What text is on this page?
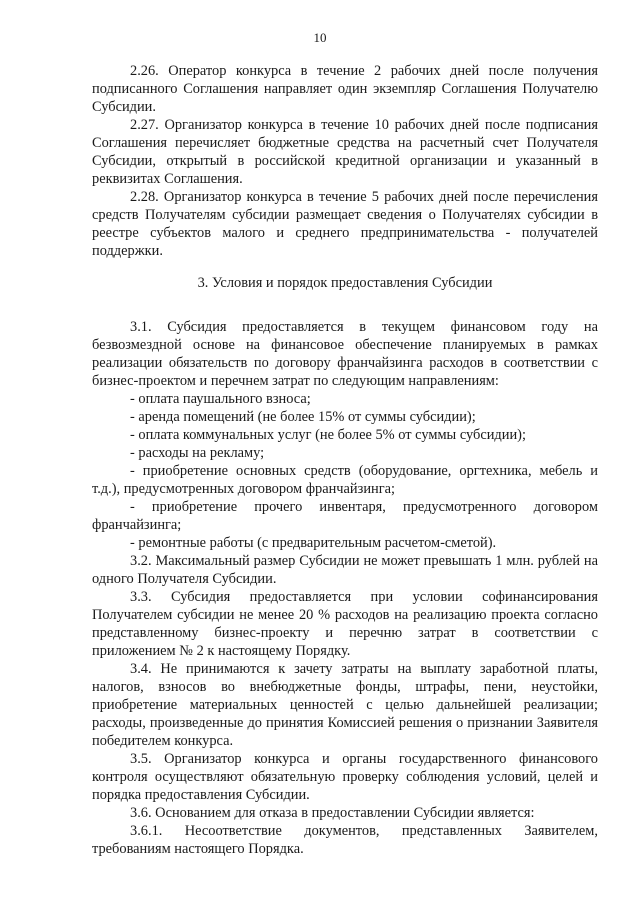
10

2.26. Оператор конкурса в течение 2 рабочих дней после получения подписанного Соглашения направляет один экземпляр Соглашения Получателю Субсидии.

2.27. Организатор конкурса в течение 10 рабочих дней после подписания Соглашения перечисляет бюджетные средства на расчетный счет Получателя Субсидии, открытый в российской кредитной организации и указанный в реквизитах Соглашения.

2.28. Организатор конкурса в течение 5 рабочих дней после перечисления средств Получателям субсидии размещает сведения о Получателях субсидии в реестре субъектов малого и среднего предпринимательства - получателей поддержки.

3. Условия и порядок предоставления Субсидии

3.1. Субсидия предоставляется в текущем финансовом году на безвозмездной основе на финансовое обеспечение планируемых в рамках реализации обязательств по договору франчайзинга расходов в соответствии с бизнес-проектом и перечнем затрат по следующим направлениям:

- оплата паушального взноса;

- аренда помещений (не более 15% от суммы субсидии);

- оплата коммунальных услуг (не более 5% от суммы субсидии);

- расходы на рекламу;

- приобретение основных средств (оборудование, оргтехника, мебель и т.д.), предусмотренных договором франчайзинга;

- приобретение прочего инвентаря, предусмотренного договором франчайзинга;

- ремонтные работы (с предварительным расчетом-сметой).

3.2. Максимальный размер Субсидии не может превышать 1 млн. рублей на одного Получателя Субсидии.

3.3. Субсидия предоставляется при условии софинансирования Получателем субсидии не менее 20 % расходов на реализацию проекта согласно представленному бизнес-проекту и перечню затрат в соответствии с приложением № 2 к настоящему Порядку.

3.4. Не принимаются к зачету затраты на выплату заработной платы, налогов, взносов во внебюджетные фонды, штрафы, пени, неустойки, приобретение материальных ценностей с целью дальнейшей реализации; расходы, произведенные до принятия Комиссией решения о признании Заявителя победителем конкурса.

3.5. Организатор конкурса и органы государственного финансового контроля осуществляют обязательную проверку соблюдения условий, целей и порядка предоставления Субсидии.

3.6. Основанием для отказа в предоставлении Субсидии является:

3.6.1. Несоответствие документов, представленных Заявителем, требованиям настоящего Порядка.
